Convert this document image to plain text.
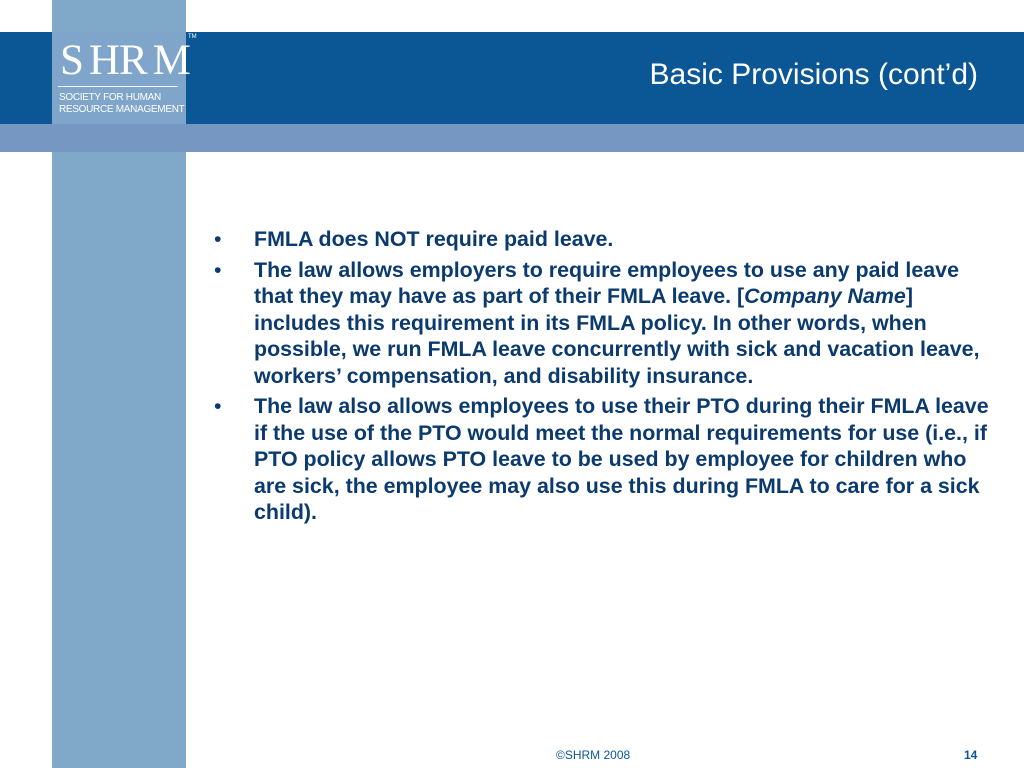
S HR M
SOCIETY FOR HUMAN
RESOURCE MANAGEMENT
TM
Basic Provisions (cont’d)
• FMLA does NOT require paid leave.
• The law allows employers to require employees to use any paid leave that they may have as part of their FMLA leave. [Company Name] includes this requirement in its FMLA policy. In other words, when possible, we run FMLA leave concurrently with sick and vacation leave, workers’ compensation, and disability insurance.
• The law also allows employees to use their PTO during their FMLA leave if the use of the PTO would meet the normal requirements for use (i.e., if PTO policy allows PTO leave to be used by employee for children who are sick, the employee may also use this during FMLA to care for a sick child).
©SHRM 2008	14
